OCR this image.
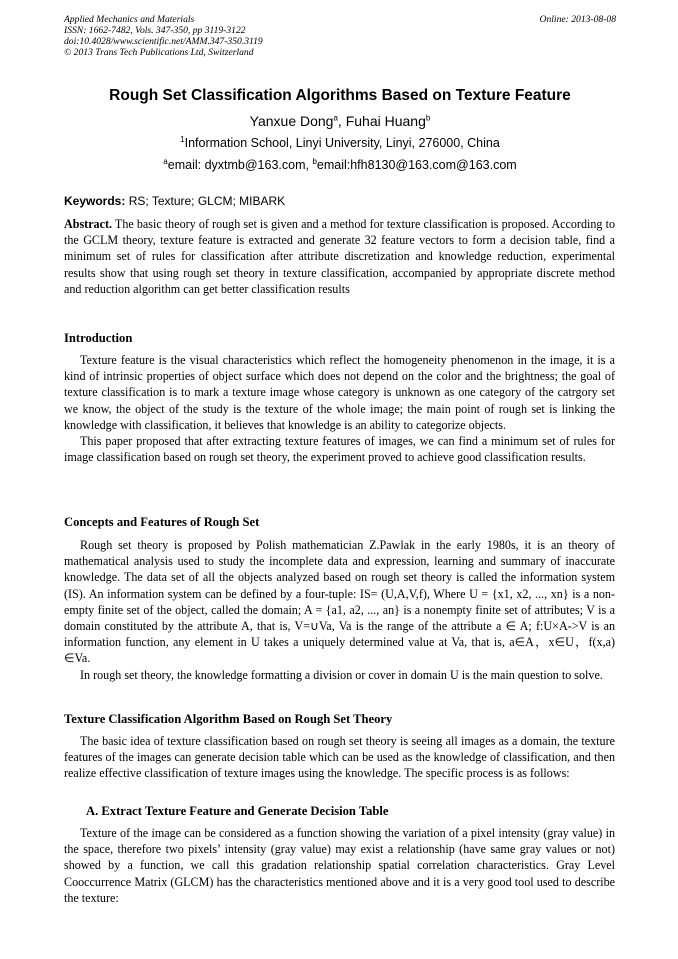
Applied Mechanics and Materials
ISSN: 1662-7482, Vols. 347-350, pp 3119-3122
doi:10.4028/www.scientific.net/AMM.347-350.3119
© 2013 Trans Tech Publications Ltd, Switzerland
Online: 2013-08-08
Rough Set Classification Algorithms Based on Texture Feature
Yanxue Dong$^a$, Fuhai Huang$^b$
$^1$Information School, Linyi University, Linyi, 276000, China
$^a$email: dyxtmb@163.com, $^b$email:hfh8130@163.com@163.com
Keywords: RS; Texture; GLCM; MIBARK

Abstract. The basic theory of rough set is given and a method for texture classification is proposed. According to the GCLM theory, texture feature is extracted and generate 32 feature vectors to form a decision table, find a minimum set of rules for classification after attribute discretization and knowledge reduction, experimental results show that using rough set theory in texture classification, accompanied by appropriate discrete method and reduction algorithm can get better classification results

Introduction

Texture feature is the visual characteristics which reflect the homogeneity phenomenon in the image, it is a kind of intrinsic properties of object surface which does not depend on the color and the brightness; the goal of texture classification is to mark a texture image whose category is unknown as one category of the catrgory set we know, the object of the study is the texture of the whole image; the main point of rough set is linking the knowledge with classification, it believes that knowledge is an ability to categorize objects.

This paper proposed that after extracting texture features of images, we can find a minimum set of rules for image classification based on rough set theory, the experiment proved to achieve good classification results.

Concepts and Features of Rough Set

Rough set theory is proposed by Polish mathematician Z.Pawlak in the early 1980s, it is an theory of mathematical analysis used to study the incomplete data and expression, learning and summary of inaccurate knowledge. The data set of all the objects analyzed based on rough set theory is called the information system (IS). An information system can be defined by a four-tuple: IS= (U,A,V,f), Where U = {x1, x2, ..., xn} is a non-empty finite set of the object, called the domain; A = {a1, a2, ..., an} is a nonempty finite set of attributes; V is a domain constituted by the attribute A, that is, V=∪Va, Va is the range of the attribute a ∈ A; f:U×A->V is an information function, any element in U takes a uniquely determined value at Va, that is, a∈A，x∈U，f(x,a) ∈Va.

In rough set theory, the knowledge formatting a division or cover in domain U is the main question to solve.

Texture Classification Algorithm Based on Rough Set Theory

The basic idea of texture classification based on rough set theory is seeing all images as a domain, the texture features of the images can generate decision table which can be used as the knowledge of classification, and then realize effective classification of texture images using the knowledge. The specific process is as follows:

A. Extract Texture Feature and Generate Decision Table

Texture of the image can be considered as a function showing the variation of a pixel intensity (gray value) in the space, therefore two pixels’ intensity (gray value) may exist a relationship (have same gray values or not) showed by a function, we call this gradation relationship spatial correlation characteristics. Gray Level Cooccurrence Matrix (GLCM) has the characteristics mentioned above and it is a very good tool used to describe the texture:
